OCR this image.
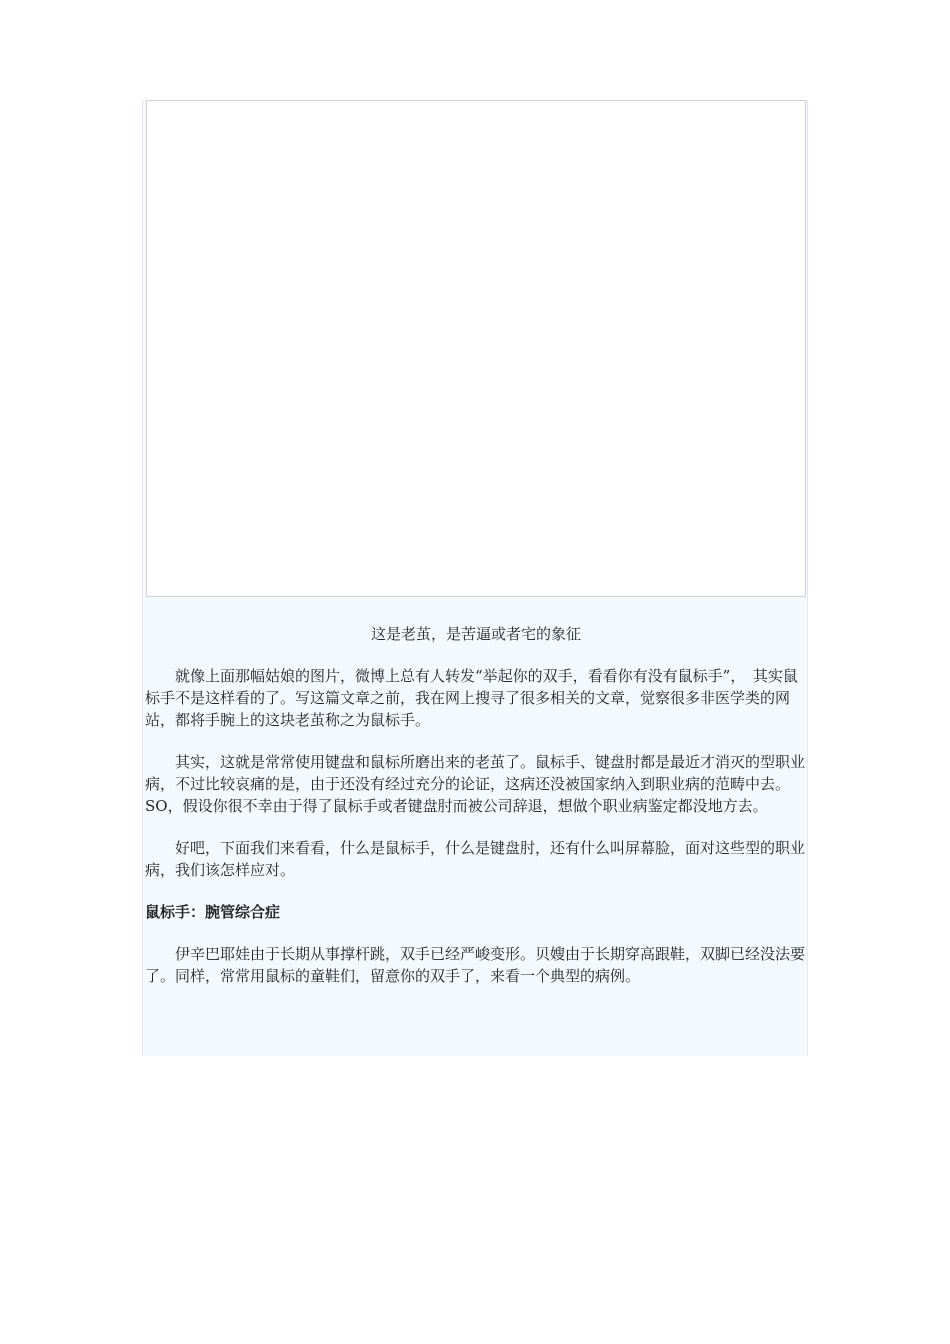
这是老茧，是苦逼或者宅的象征

就像上面那幅姑娘的图片，微博上总有人转发“举起你的双手，看看你有没有鼠标手”，　其实鼠标手不是这样看的了。写这篇文章之前，我在网上搜寻了很多相关的文章，觉察很多非医学类的网站，都将手腕上的这块老茧称之为鼠标手。

其实，这就是常常使用键盘和鼠标所磨出来的老茧了。鼠标手、键盘肘都是最近才消灭的型职业病，不过比较哀痛的是，由于还没有经过充分的论证，这病还没被国家纳入到职业病的范畴中去。SO，假设你很不幸由于得了鼠标手或者键盘肘而被公司辞退，想做个职业病鉴定都没地方去。

好吧，下面我们来看看，什么是鼠标手，什么是键盘肘，还有什么叫屏幕脸，面对这些型的职业病，我们该怎样应对。

鼠标手：腕管综合症

伊辛巴耶娃由于长期从事撑杆跳，双手已经严峻变形。贝嫂由于长期穿高跟鞋，双脚已经没法要了。同样，常常用鼠标的童鞋们，留意你的双手了，来看一个典型的病例。
